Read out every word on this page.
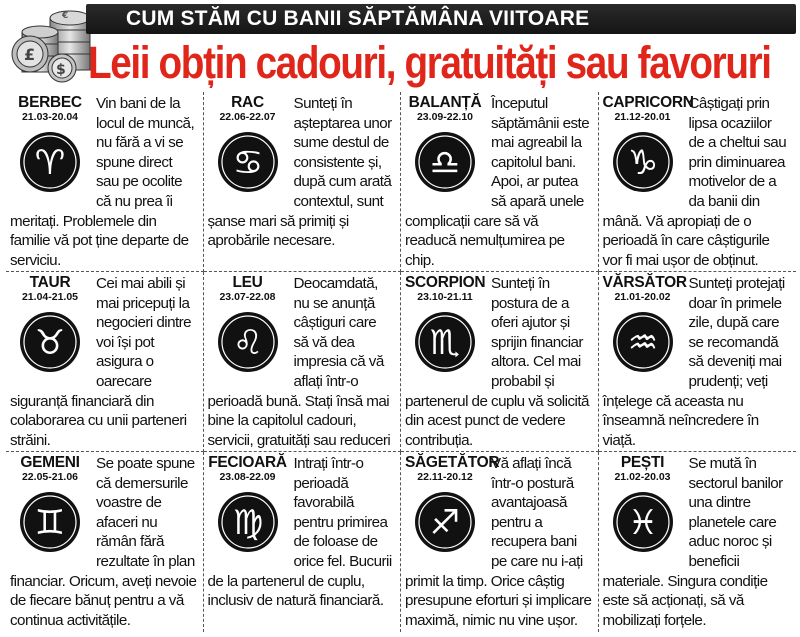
£
$
€	CUM STĂM CU BANII SĂPTĂMÂNA VIITOARE
Leii obțin cadouri, gratuități sau favoruri
BERBEC
21.03-20.04
♈
Vin bani de la locul de muncă, nu fără a vi se spune direct sau pe ocolite că nu prea îi meritați. Problemele din familie vă pot ține departe de serviciu.
RAC
22.06-22.07
♋
Sunteți în așteptarea unor sume destul de consistente și, după cum arată contextul, sunt șanse mari să primiți și aprobările necesare.
BALANȚĂ
23.09-22.10
♎
Începutul săptămânii este mai agreabil la capitolul bani. Apoi, ar putea să apară unele complicații care să vă readucă nemulțumirea pe chip.
CAPRICORN
21.12-20.01
♑
Câștigați prin lipsa ocaziilor de a cheltui sau prin diminuarea motivelor de a da banii din mână. Vă apropiați de o perioadă în care câștigurile vor fi mai ușor de obținut.
TAUR
21.04-21.05
♉
Cei mai abili și mai pricepuți la negocieri dintre voi își pot asigura o oarecare siguranță financiară din colaborarea cu unii parteneri străini.
LEU
23.07-22.08
♌
Deocamdată, nu se anunță câștiguri care să vă dea impresia că vă aflați într-o perioadă bună. Stați însă mai bine la capitolul cadouri, servicii, gratuități sau reduceri
SCORPION
23.10-21.11
♏
Sunteți în postura de a oferi ajutor și sprijin financiar altora. Cel mai probabil și partenerul de cuplu vă solicită din acest punct de vedere contribuția.
VĂRSĂTOR
21.01-20.02
♒
Sunteți protejați doar în primele zile, după care se recomandă să deveniți mai prudenți; veți înțelege că aceasta nu înseamnă neîncredere în viață.
GEMENI
22.05-21.06
♊
Se poate spune că demersurile voastre de afaceri nu rămân fără rezultate în plan financiar. Oricum, aveți nevoie de fiecare bănuț pentru a vă continua activitățile.
FECIOARĂ
23.08-22.09
♍
Intrați într-o perioadă favorabilă pentru primirea de foloase de orice fel. Bucurii de la partenerul de cuplu, inclusiv de natură financiară.
SĂGETĂTOR
22.11-20.12
♐
Vă aflați încă într-o postură avantajoasă pentru a recupera bani pe care nu i-ați primit la timp. Orice câștig presupune eforturi și implicare maximă, nimic nu vine ușor.
PEȘTI
21.02-20.03
♓
Se mută în sectorul banilor una dintre planetele care aduc noroc și beneficii materiale. Singura condiție este să acționați, să vă mobilizați forțele.
